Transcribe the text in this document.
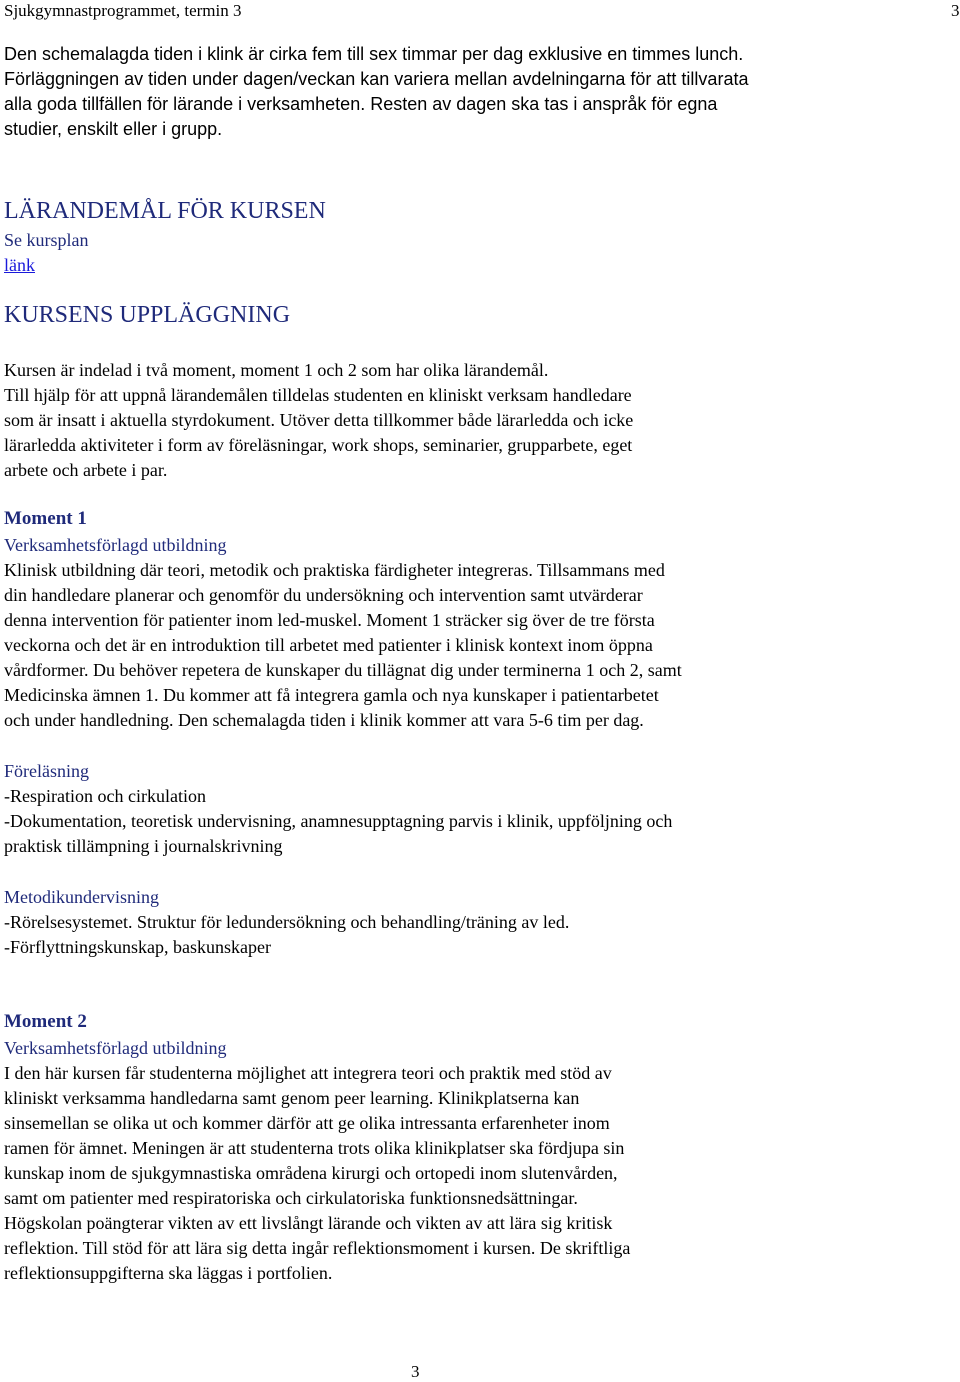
Sjukgymnastprogrammet, termin 3	3
Den schemalagda tiden i klink är cirka fem till sex timmar per dag exklusive en timmes lunch.
Förläggningen av tiden under dagen/veckan kan variera mellan avdelningarna för att tillvarata
alla goda tillfällen för lärande i verksamheten. Resten av dagen ska tas i anspråk för egna
studier, enskilt eller i grupp.
LÄRANDEMÅL FÖR KURSEN
Se kursplan
länk
KURSENS UPPLÄGGNING
Kursen är indelad i två moment, moment 1 och 2 som har olika lärandemål.
Till hjälp för att uppnå lärandemålen tilldelas studenten en kliniskt verksam handledare
som är insatt i aktuella styrdokument. Utöver detta tillkommer både lärarledda och icke
lärarledda aktiviteter i form av föreläsningar, work shops, seminarier, grupparbete, eget
arbete och arbete i par.
Moment 1
Verksamhetsförlagd utbildning
Klinisk utbildning där teori, metodik och praktiska färdigheter integreras. Tillsammans med
din handledare planerar och genomför du undersökning och intervention samt utvärderar
denna intervention för patienter inom led-muskel. Moment 1 sträcker sig över de tre första
veckorna och det är en introduktion till arbetet med patienter i klinisk kontext inom öppna
vårdformer. Du behöver repetera de kunskaper du tillägnat dig under terminerna 1 och 2, samt
Medicinska ämnen 1. Du kommer att få integrera gamla och nya kunskaper i patientarbetet
och under handledning. Den schemalagda tiden i klinik kommer att vara 5-6 tim per dag.
Föreläsning
-Respiration och cirkulation
-Dokumentation, teoretisk undervisning, anamnesupptagning parvis i klinik, uppföljning och
praktisk tillämpning i journalskrivning
Metodikundervisning
-Rörelsesystemet. Struktur för ledundersökning och behandling/träning av led.
-Förflyttningskunskap, baskunskaper
Moment 2
Verksamhetsförlagd utbildning
I den här kursen får studenterna möjlighet att integrera teori och praktik med stöd av
kliniskt verksamma handledarna samt genom peer learning. Klinikplatserna kan
sinsemellan se olika ut och kommer därför att ge olika intressanta erfarenheter inom
ramen för ämnet. Meningen är att studenterna trots olika klinikplatser ska fördjupa sin
kunskap inom de sjukgymnastiska områdena kirurgi och ortopedi inom slutenvården,
samt om patienter med respiratoriska och cirkulatoriska funktionsnedsättningar.
Högskolan poängterar vikten av ett livslångt lärande och vikten av att lära sig kritisk
reflektion. Till stöd för att lära sig detta ingår reflektionsmoment i kursen. De skriftliga
reflektionsuppgifterna ska läggas i portfolien.
3
